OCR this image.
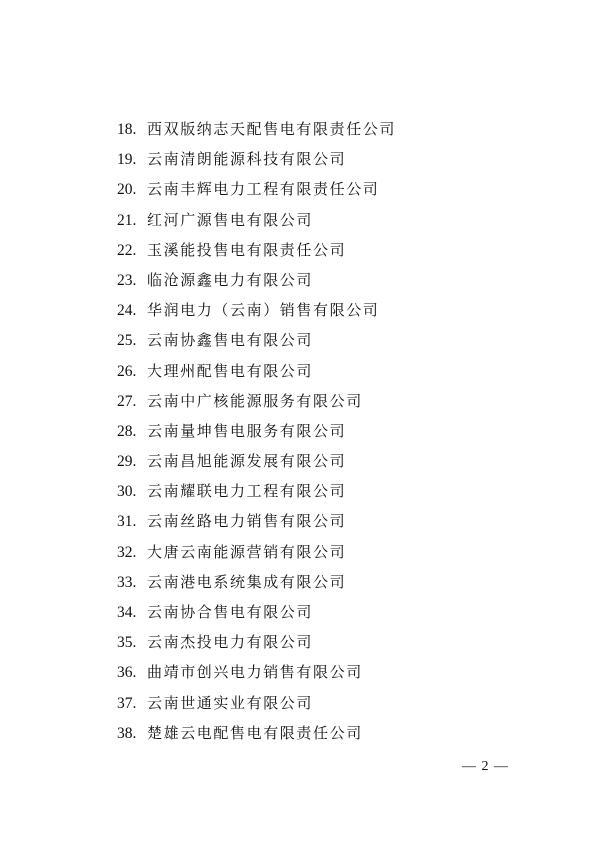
18. 西双版纳志天配售电有限责任公司
19. 云南清朗能源科技有限公司
20. 云南丰辉电力工程有限责任公司
21. 红河广源售电有限公司
22. 玉溪能投售电有限责任公司
23. 临沧源鑫电力有限公司
24. 华润电力（云南）销售有限公司
25. 云南协鑫售电有限公司
26. 大理州配售电有限公司
27. 云南中广核能源服务有限公司
28. 云南量坤售电服务有限公司
29. 云南昌旭能源发展有限公司
30. 云南耀联电力工程有限公司
31. 云南丝路电力销售有限公司
32. 大唐云南能源营销有限公司
33. 云南港电系统集成有限公司
34. 云南协合售电有限公司
35. 云南杰投电力有限公司
36. 曲靖市创兴电力销售有限公司
37. 云南世通实业有限公司
38. 楚雄云电配售电有限责任公司
— 2 —
